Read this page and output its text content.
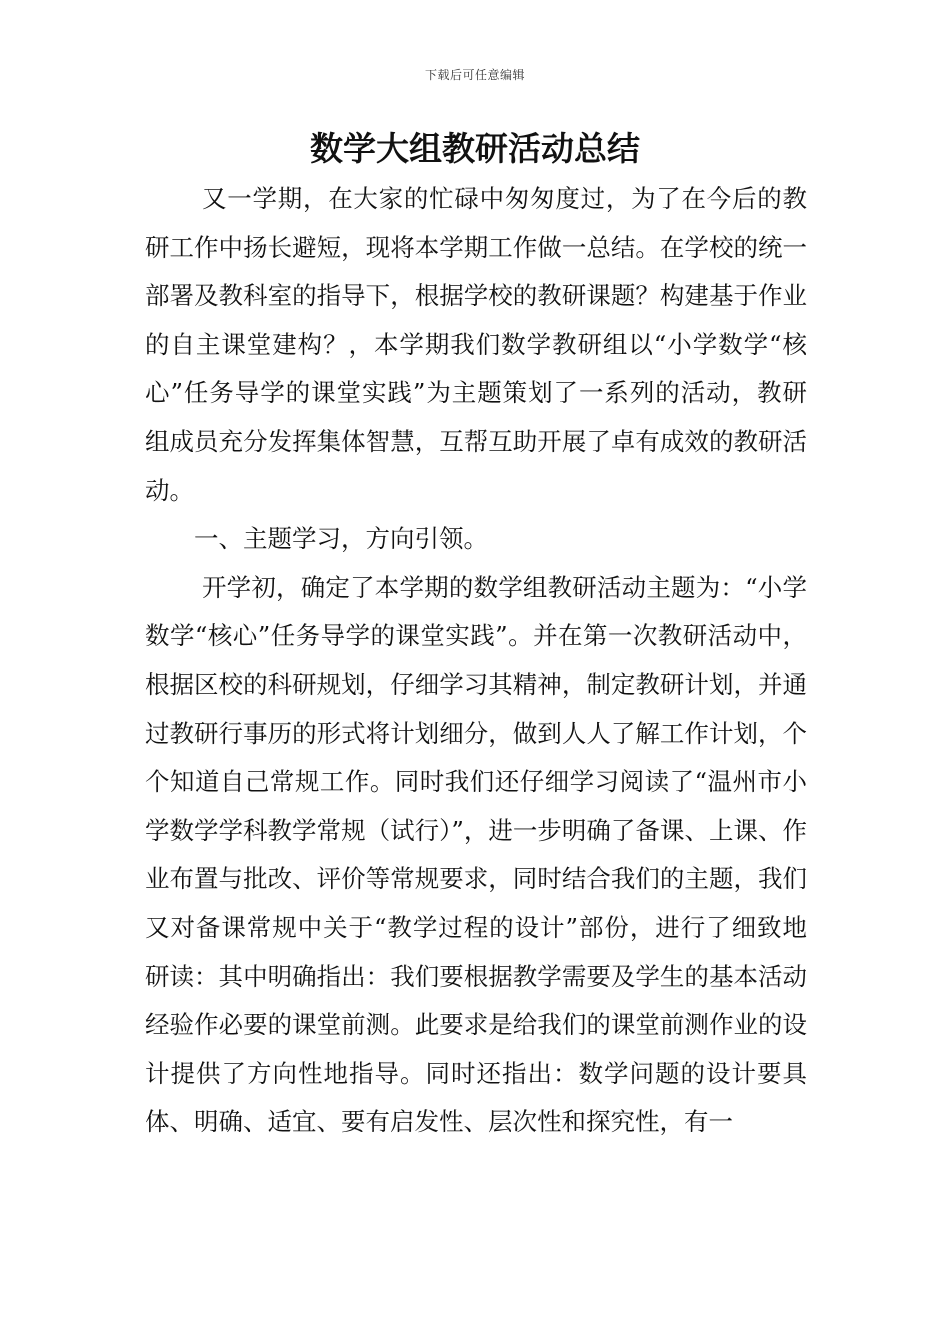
下载后可任意编辑
数学大组教研活动总结

又一学期，在大家的忙碌中匆匆度过，为了在今后的教研工作中扬长避短，现将本学期工作做一总结。在学校的统一部署及教科室的指导下，根据学校的教研课题？构建基于作业的自主课堂建构？，本学期我们数学教研组以“小学数学“核心”任务导学的课堂实践”为主题策划了一系列的活动，教研组成员充分发挥集体智慧，互帮互助开展了卓有成效的教研活动。

一、主题学习，方向引领。

开学初，确定了本学期的数学组教研活动主题为：“小学数学“核心”任务导学的课堂实践”。并在第一次教研活动中，根据区校的科研规划，仔细学习其精神，制定教研计划，并通过教研行事历的形式将计划细分，做到人人了解工作计划，个个知道自己常规工作。同时我们还仔细学习阅读了“温州市小学数学学科教学常规（试行）”，进一步明确了备课、上课、作业布置与批改、评价等常规要求，同时结合我们的主题，我们又对备课常规中关于“教学过程的设计”部份，进行了细致地研读：其中明确指出：我们要根据教学需要及学生的基本活动经验作必要的课堂前测。此要求是给我们的课堂前测作业的设计提供了方向性地指导。同时还指出：数学问题的设计要具体、明确、适宜、要有启发性、层次性和探究性，有一
